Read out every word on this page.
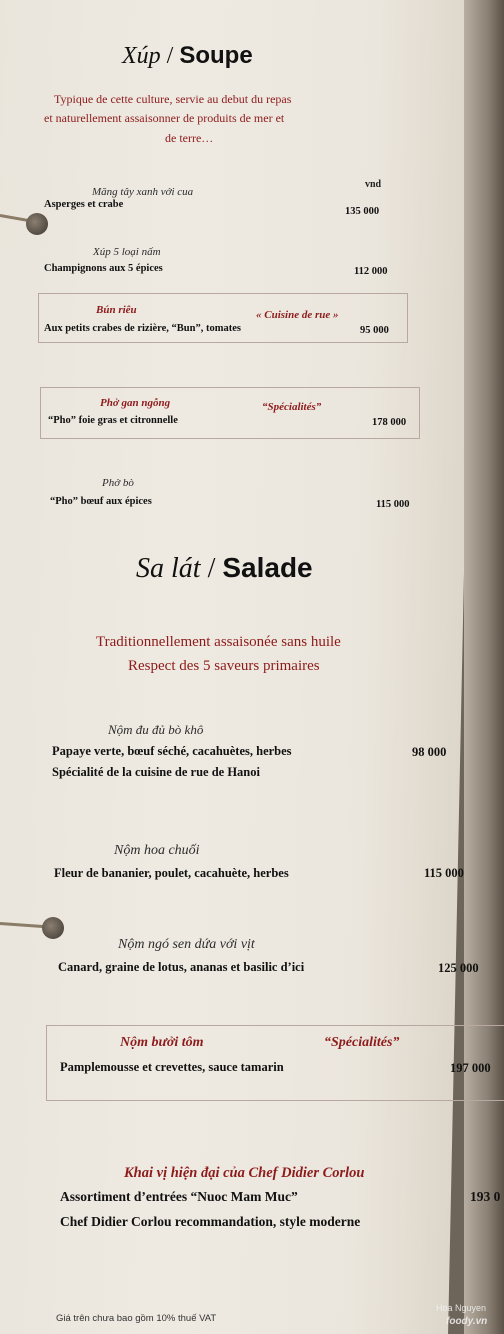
Xúp / Soupe
Typique de cette culture, servie au debut du repas
et naturellement assaisonner de produits de mer et
de terre…
vnd
Măng tây xanh với cua
Asperges et crabe
135 000
Xúp 5 loại nấm
Champignons aux 5 épices	112 000
Bún riêu	« Cuisine de rue »
Aux petits crabes de rizière, “Bun”, tomates	95 000
Phở gan ngỗng	“Spécialités”
“Pho” foie gras et citronnelle	178 000
Phở bò
“Pho” bœuf aux épices	115 000
Sa lát / Salade
Traditionnellement assaisonée sans huile
Respect des 5 saveurs primaires
Nộm đu đủ bò khô
Papaye verte, bœuf séché, cacahuètes, herbes
Spécialité de la cuisine de rue de Hanoi
98 000
Nộm hoa chuối
Fleur de bananier, poulet, cacahuète, herbes	115 000
Nộm ngó sen dứa với vịt
Canard, graine de lotus, ananas et basilic d’ici	125 000
Nộm bưởi tôm	“Spécialités”
Pamplemousse et crevettes, sauce tamarin	197 000
Khai vị hiện đại của Chef Didier Corlou
Assortiment d’entrées “Nuoc Mam Muc”	193 0
Chef Didier Corlou recommandation, style moderne
Giá trên chưa bao gồm 10% thuế VAT
Hoa Nguyen
foody.vn
